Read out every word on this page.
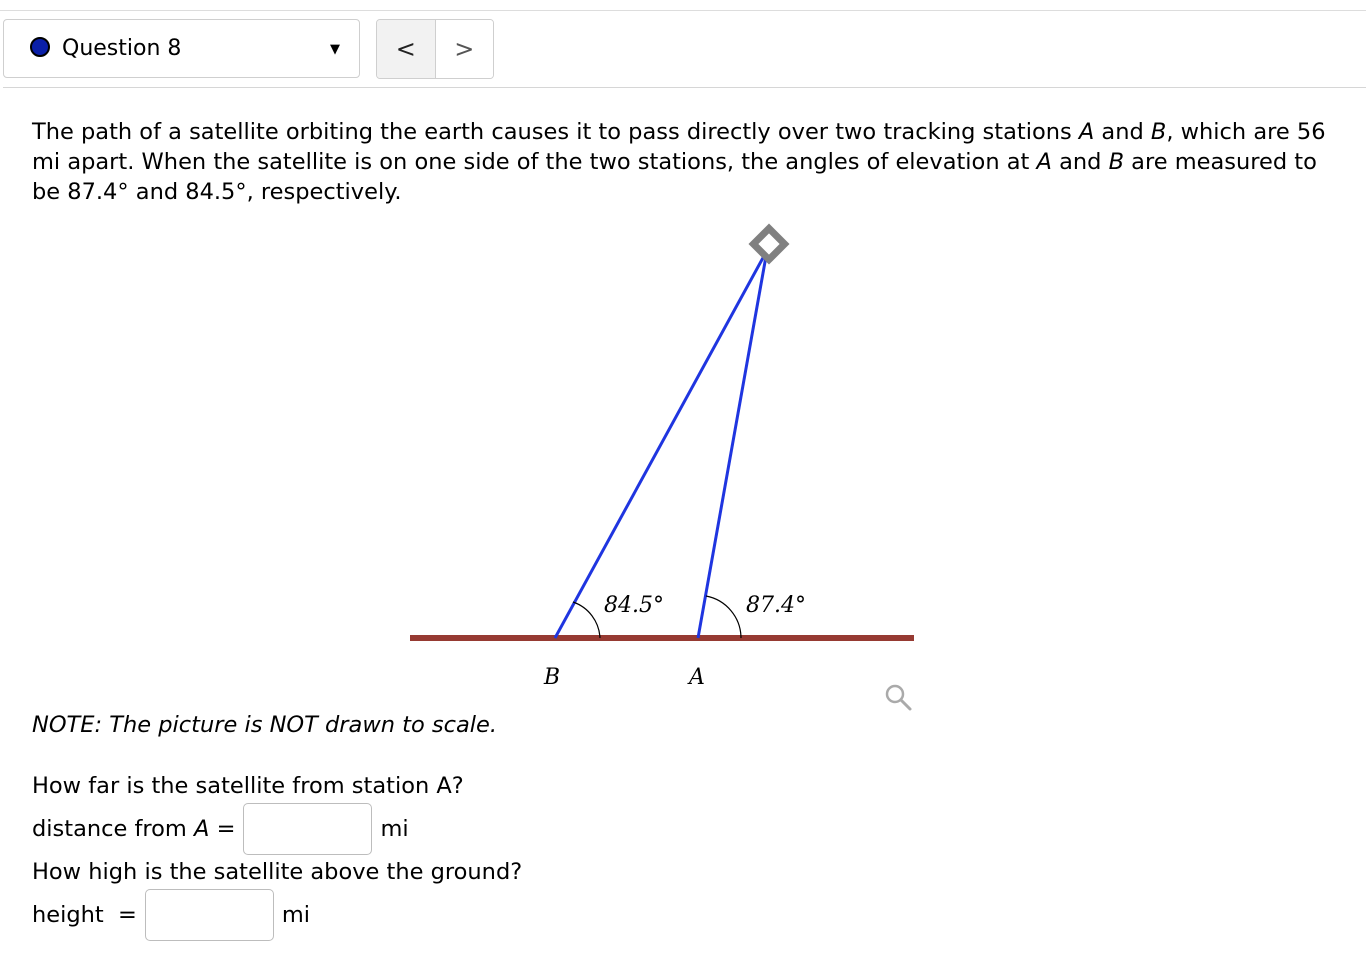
Question 8	▼	<	>

The path of a satellite orbiting the earth causes it to pass directly over two tracking stations A and B, which are 56 mi apart. When the satellite is on one side of the two stations, the angles of elevation at A and B are measured to be 87.4° and 84.5°, respectively.

84.5°	87.4°
B	A

NOTE: The picture is NOT drawn to scale.

How far is the satellite from station A?

distance from A =	mi

How high is the satellite above the ground?

height  =	mi
